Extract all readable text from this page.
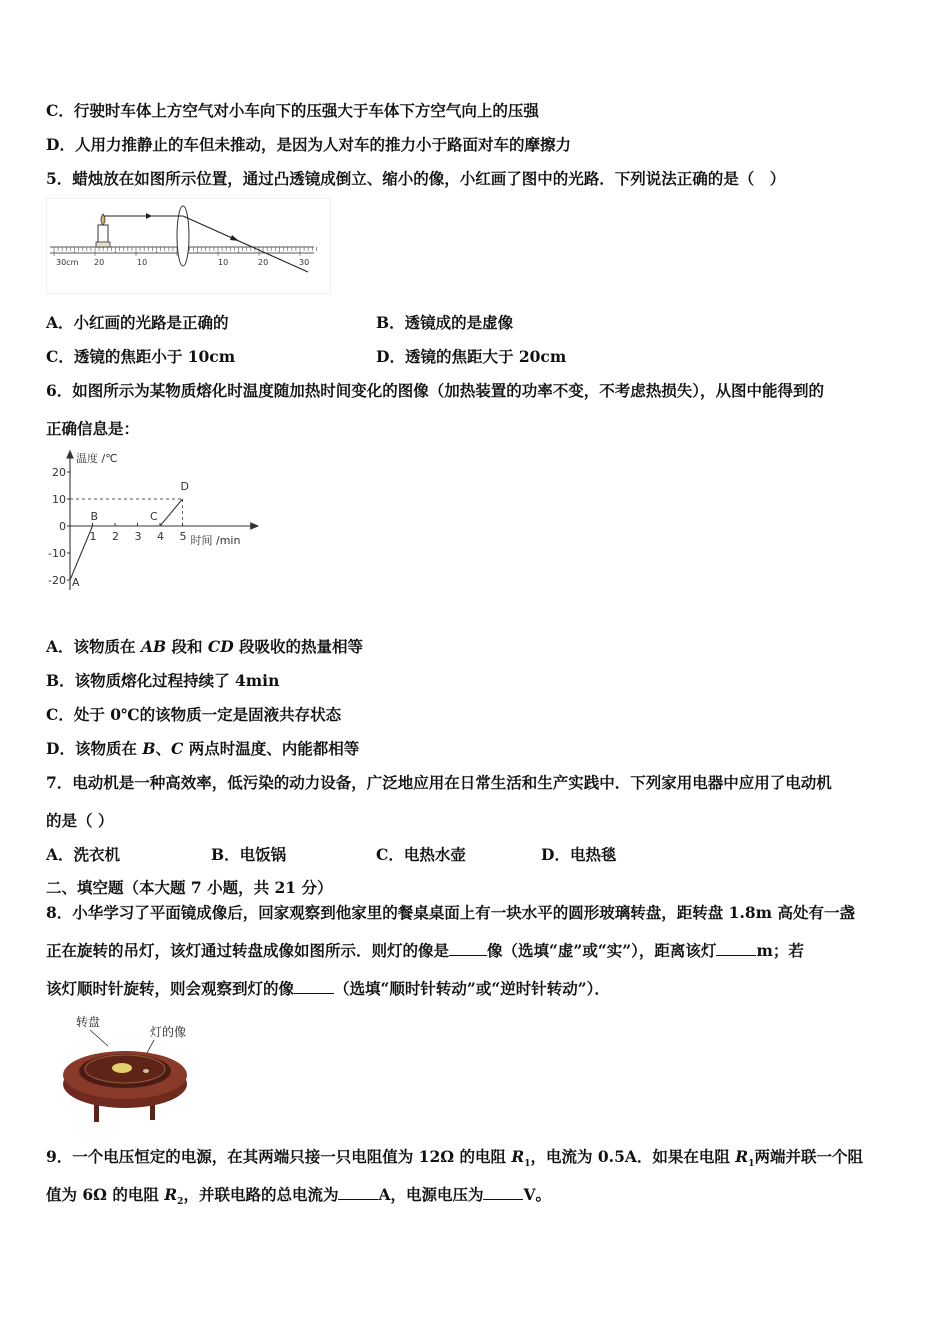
C．行驶时车体上方空气对小车向下的压强大于车体下方空气向上的压强
D．人用力推静止的车但未推动，是因为人对车的推力小于路面对车的摩擦力
5．蜡烛放在如图所示位置，通过凸透镜成倒立、缩小的像，小红画了图中的光路．下列说法正确的是（　）
30cm 20	10	10	20	30
A．小红画的光路是正确的	B．透镜成的是虚像
C．透镜的焦距小于 10cm	D．透镜的焦距大于 20cm
6．如图所示为某物质熔化时温度随加热时间变化的图像（加热装置的功率不变，不考虑热损失），从图中能得到的
正确信息是：
20
10
0
-10
-20
1 2 3 4 5
A
B	C
D
温度 /℃
时间 /min
A．该物质在 AB 段和 CD 段吸收的热量相等
B．该物质熔化过程持续了 4min
C．处于 0℃的该物质一定是固液共存状态
D．该物质在 B、C 两点时温度、内能都相等
7．电动机是一种高效率，低污染的动力设备，广泛地应用在日常生活和生产实践中．下列家用电器中应用了电动机
的是（ ）
A．洗衣机	B．电饭锅	C．电热水壶	D．电热毯
二、填空题（本大题 7 小题，共 21 分）
8．小华学习了平面镜成像后，回家观察到他家里的餐桌桌面上有一块水平的圆形玻璃转盘，距转盘 1.8m 高处有一盏
正在旋转的吊灯，该灯通过转盘成像如图所示．则灯的像是 像（选填“虚”或“实”），距离该灯	m；若
该灯顺时针旋转，则会观察到灯的像	（选填“顺时针转动”或“逆时针转动”）．
转盘
灯的像
9．一个电压恒定的电源，在其两端只接一只电阻值为 12Ω 的电阻 $R_1$，电流为 0.5A．如果在电阻 $R_1$两端并联一个阻
值为 6Ω 的电阻 $R_2$，并联电路的总电流为	A，电源电压为	V。
